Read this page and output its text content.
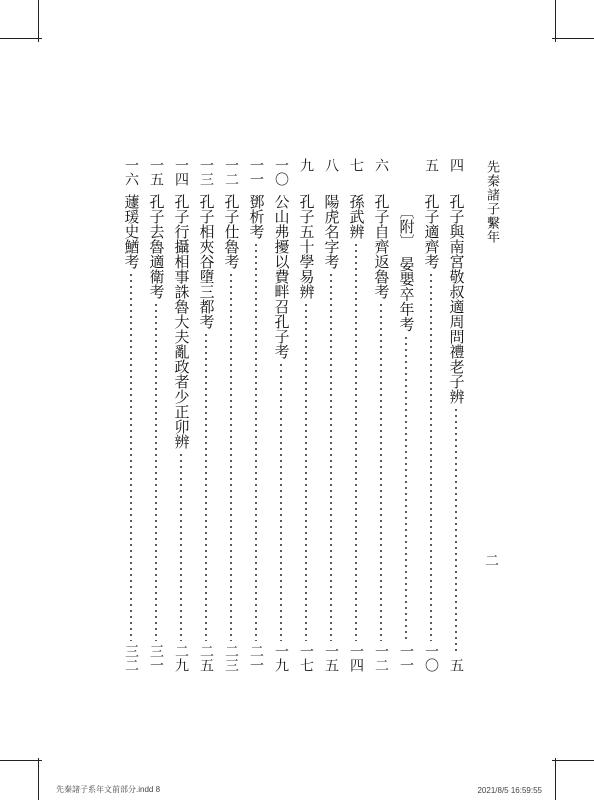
先秦諸子繫年
二
四
孔子與南宮敬叔適周問禮老子辨
五
五
孔子適齊考
一〇
〔附〕　晏嬰卒年考
一一
六
孔子自齊返魯考
一二
七
孫武辨
一四
八
陽虎名字考
一五
九
孔子五十學易辨
一七
一〇
公山弗擾以費畔召孔子考
一九
一一
鄧析考
二一
一二
孔子仕魯考
二三
一三
孔子相夾谷墮三都考
二五
一四
孔子行攝相事誅魯大夫亂政者少正卯辨
二九
一五
孔子去魯適衛考
三一
一六
蘧瑗史鰌考
三二
先秦諸子系年文前部分.indd 8	2021/8/5 16:59:55
